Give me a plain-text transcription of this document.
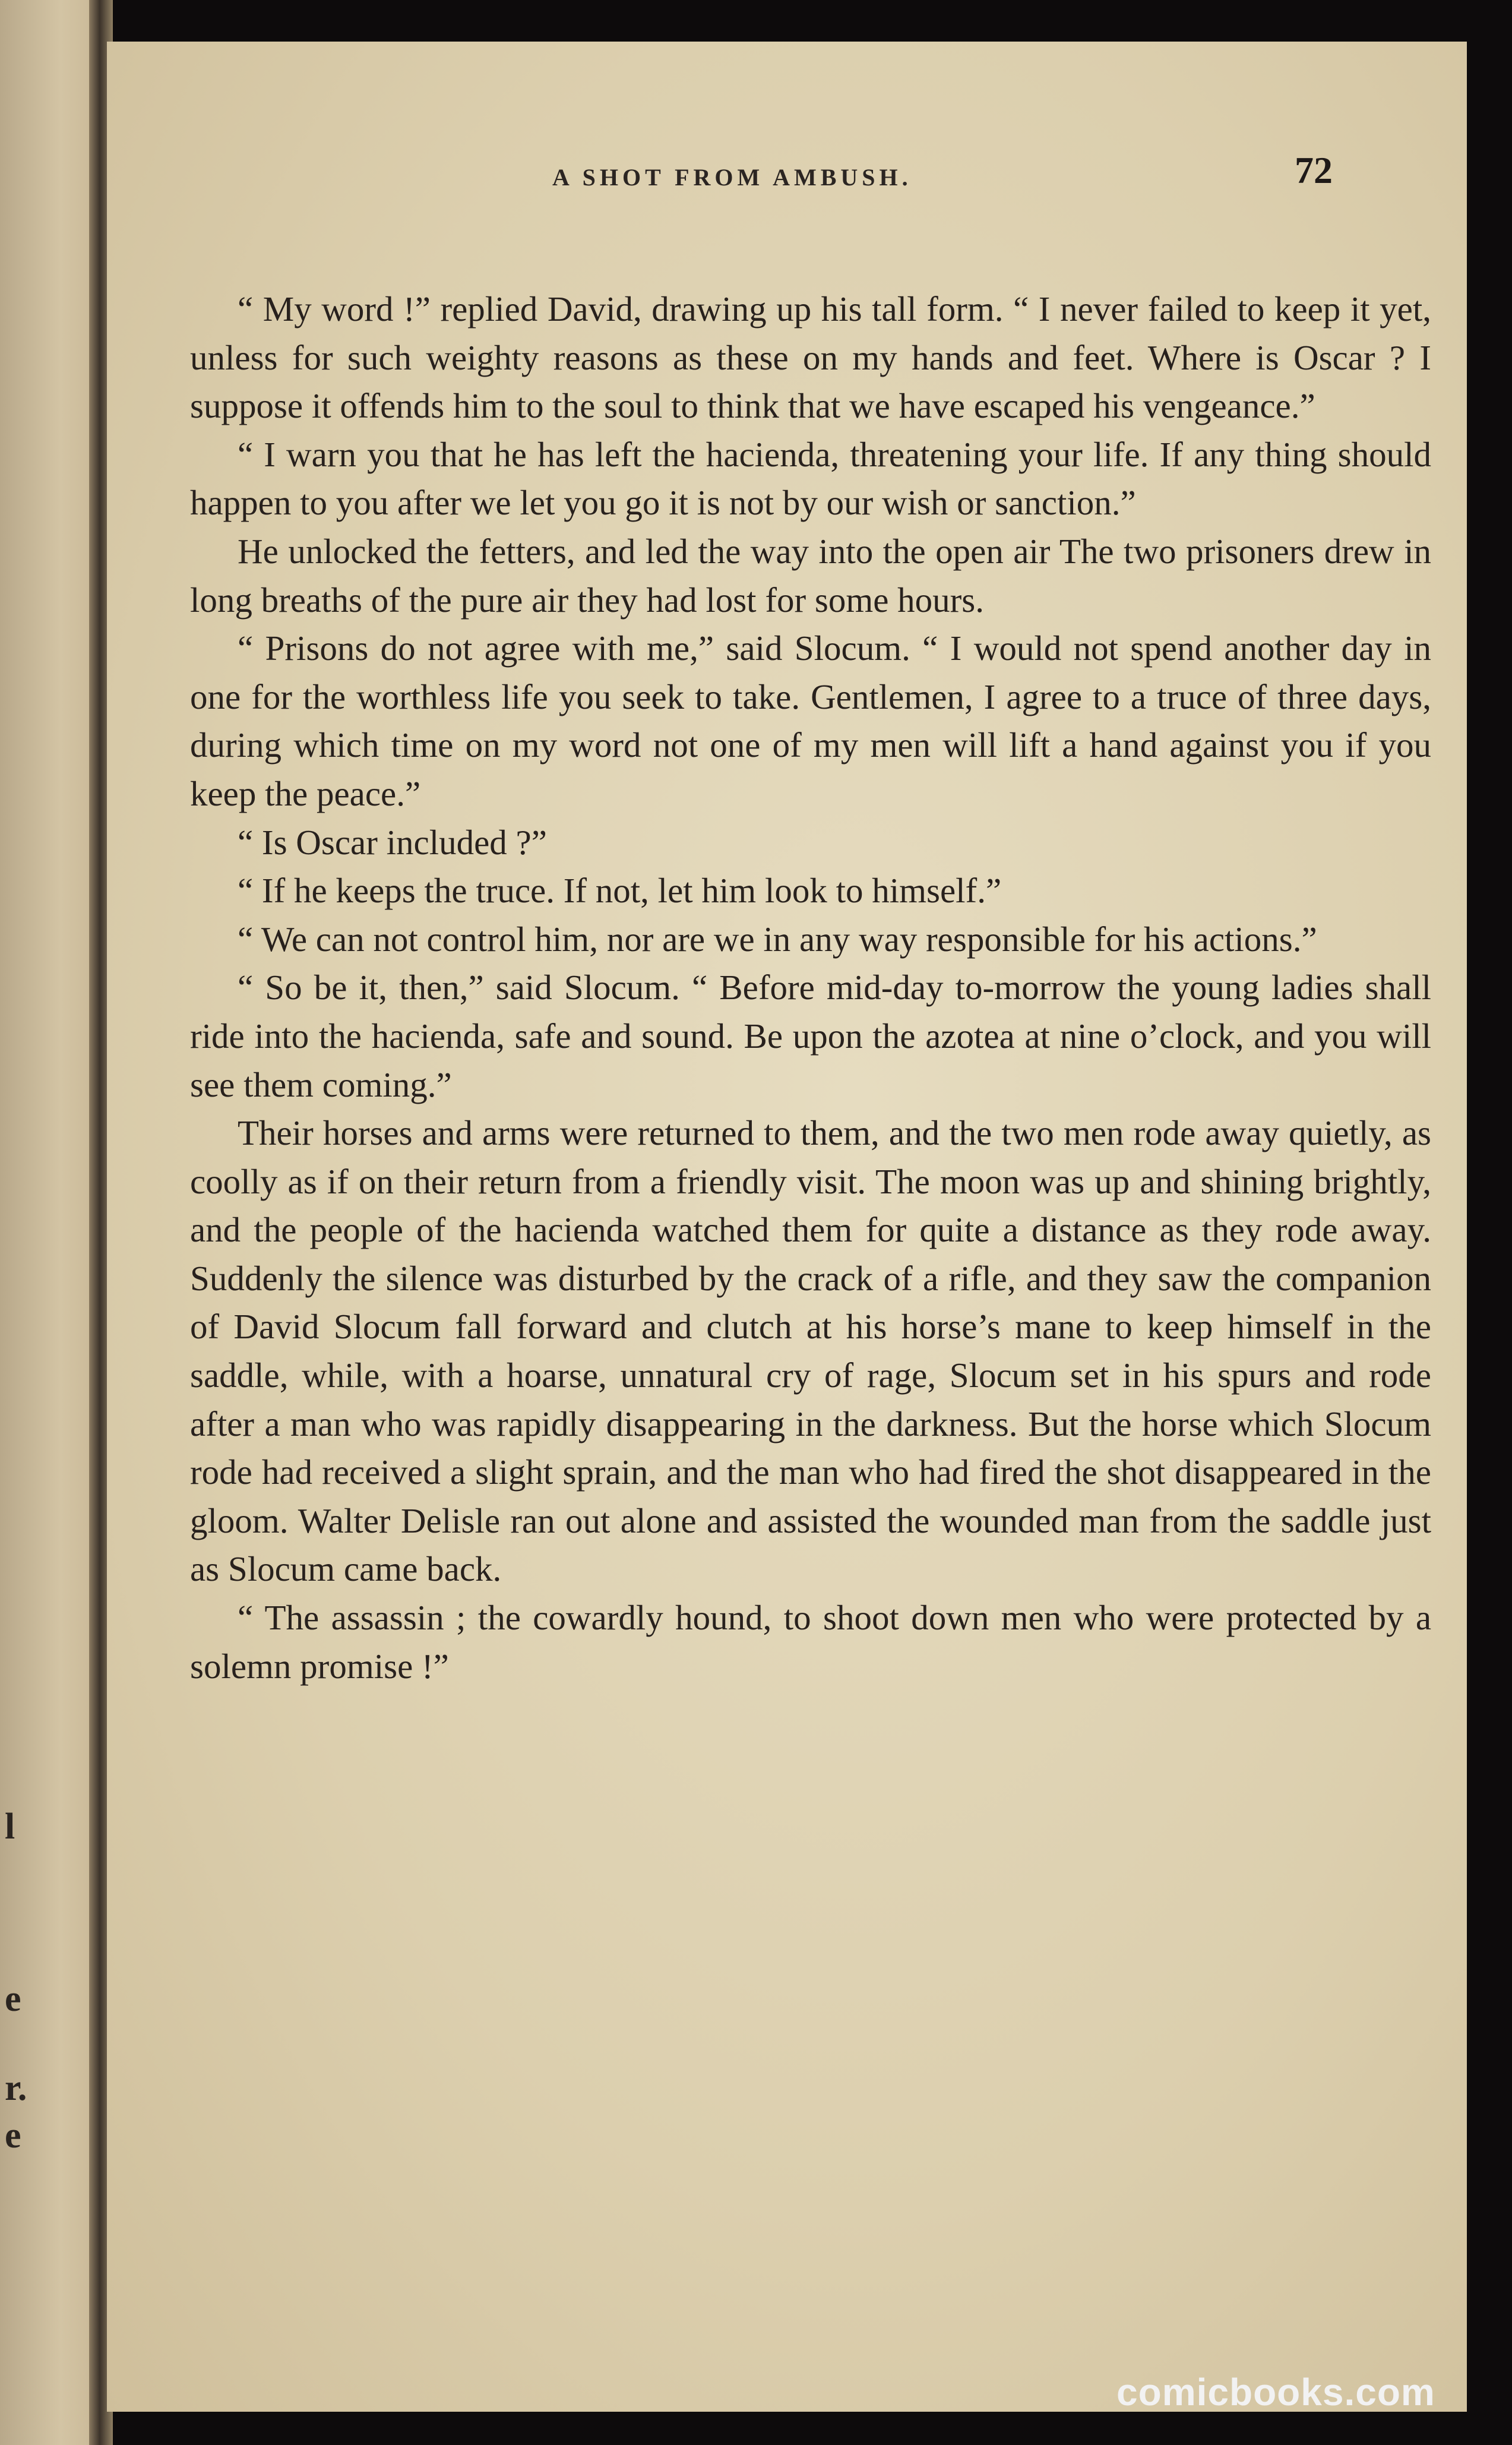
l
e
r.
e
A SHOT FROM AMBUSH.	72

“ My word !” replied David, drawing up his tall form. “ I never failed to keep it yet, unless for such weighty reasons as these on my hands and feet. Where is Oscar ? I suppose it offends him to the soul to think that we have escaped his vengeance.”

“ I warn you that he has left the hacienda, threatening your life. If any thing should happen to you after we let you go it is not by our wish or sanction.”

He unlocked the fetters, and led the way into the open air The two prisoners drew in long breaths of the pure air they had lost for some hours.

“ Prisons do not agree with me,” said Slocum. “ I would not spend another day in one for the worthless life you seek to take. Gentlemen, I agree to a truce of three days, during which time on my word not one of my men will lift a hand against you if you keep the peace.”

“ Is Oscar included ?”

“ If he keeps the truce. If not, let him look to himself.”

“ We can not control him, nor are we in any way responsible for his actions.”

“ So be it, then,” said Slocum. “ Before mid-day to-morrow the young ladies shall ride into the hacienda, safe and sound. Be upon the azotea at nine o’clock, and you will see them coming.”

Their horses and arms were returned to them, and the two men rode away quietly, as coolly as if on their return from a friendly visit. The moon was up and shining brightly, and the people of the hacienda watched them for quite a distance as they rode away. Suddenly the silence was disturbed by the crack of a rifle, and they saw the companion of David Slocum fall forward and clutch at his horse’s mane to keep himself in the saddle, while, with a hoarse, unnatural cry of rage, Slocum set in his spurs and rode after a man who was rapidly disappearing in the darkness. But the horse which Slocum rode had received a slight sprain, and the man who had fired the shot disappeared in the gloom. Walter Delisle ran out alone and assisted the wounded man from the saddle just as Slocum came back.

“ The assassin ; the cowardly hound, to shoot down men who were protected by a solemn promise !”

comicbooks.com
